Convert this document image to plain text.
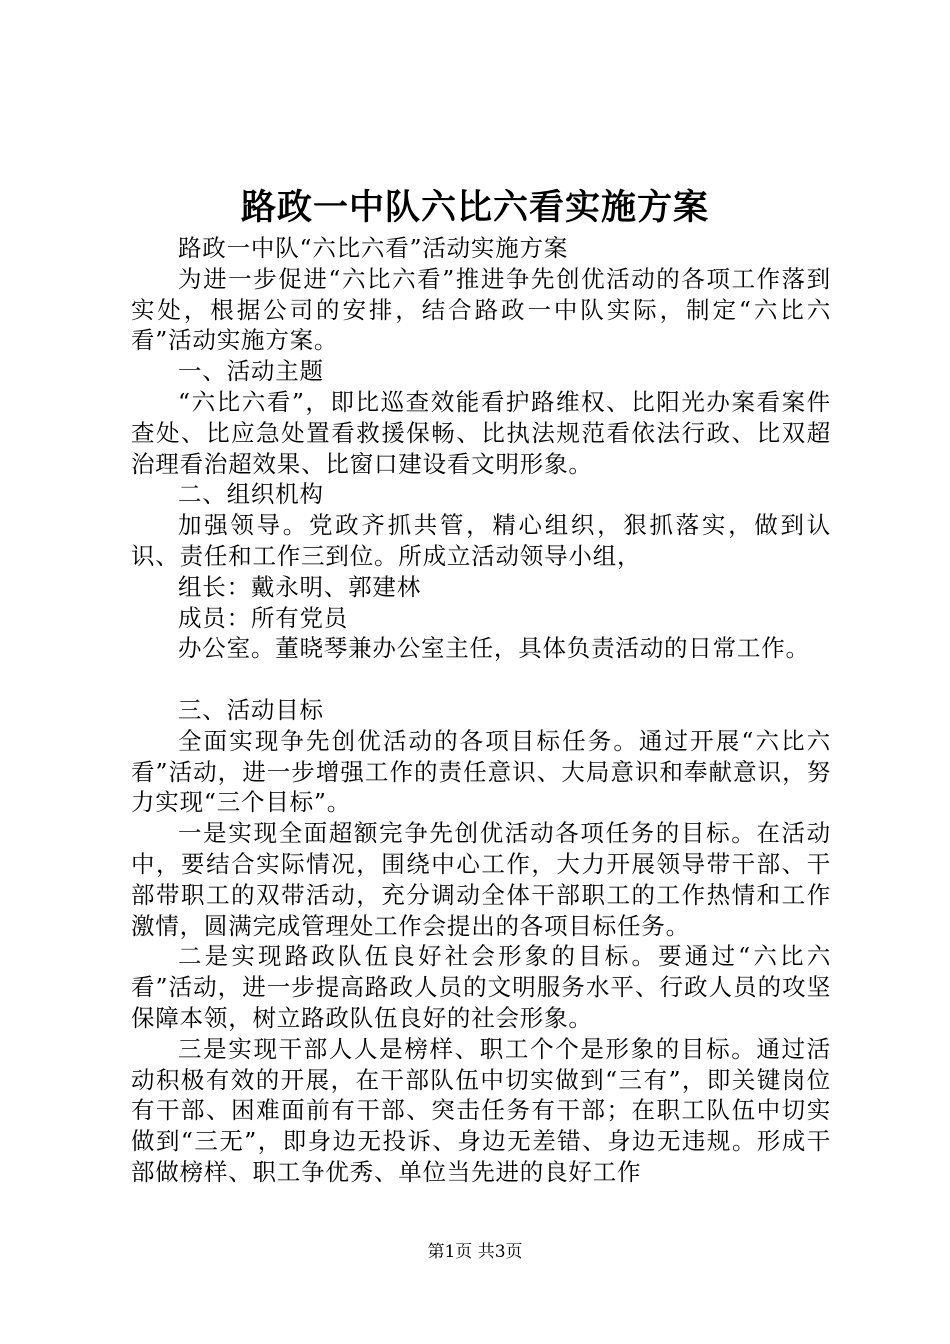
路政一中队六比六看实施方案

路政一中队“六比六看”活动实施方案

为进一步促进“六比六看”推进争先创优活动的各项工作落到实处，根据公司的安排，结合路政一中队实际，制定“六比六看”活动实施方案。

一、活动主题

“六比六看”，即比巡查效能看护路维权、比阳光办案看案件查处、比应急处置看救援保畅、比执法规范看依法行政、比双超治理看治超效果、比窗口建设看文明形象。

二、组织机构

加强领导。党政齐抓共管，精心组织，狠抓落实，做到认识、责任和工作三到位。所成立活动领导小组，

组长：戴永明、郭建林

成员：所有党员

办公室。董晓琴兼办公室主任，具体负责活动的日常工作。

三、活动目标

全面实现争先创优活动的各项目标任务。通过开展“六比六看”活动，进一步增强工作的责任意识、大局意识和奉献意识，努力实现“三个目标”。

一是实现全面超额完争先创优活动各项任务的目标。在活动中，要结合实际情况，围绕中心工作，大力开展领导带干部、干部带职工的双带活动，充分调动全体干部职工的工作热情和工作激情，圆满完成管理处工作会提出的各项目标任务。

二是实现路政队伍良好社会形象的目标。要通过“六比六看”活动，进一步提高路政人员的文明服务水平、行政人员的攻坚保障本领，树立路政队伍良好的社会形象。

三是实现干部人人是榜样、职工个个是形象的目标。通过活动积极有效的开展，在干部队伍中切实做到“三有”，即关键岗位有干部、困难面前有干部、突击任务有干部；在职工队伍中切实做到“三无”，即身边无投诉、身边无差错、身边无违规。形成干部做榜样、职工争优秀、单位当先进的良好工作

第1页 共3页
